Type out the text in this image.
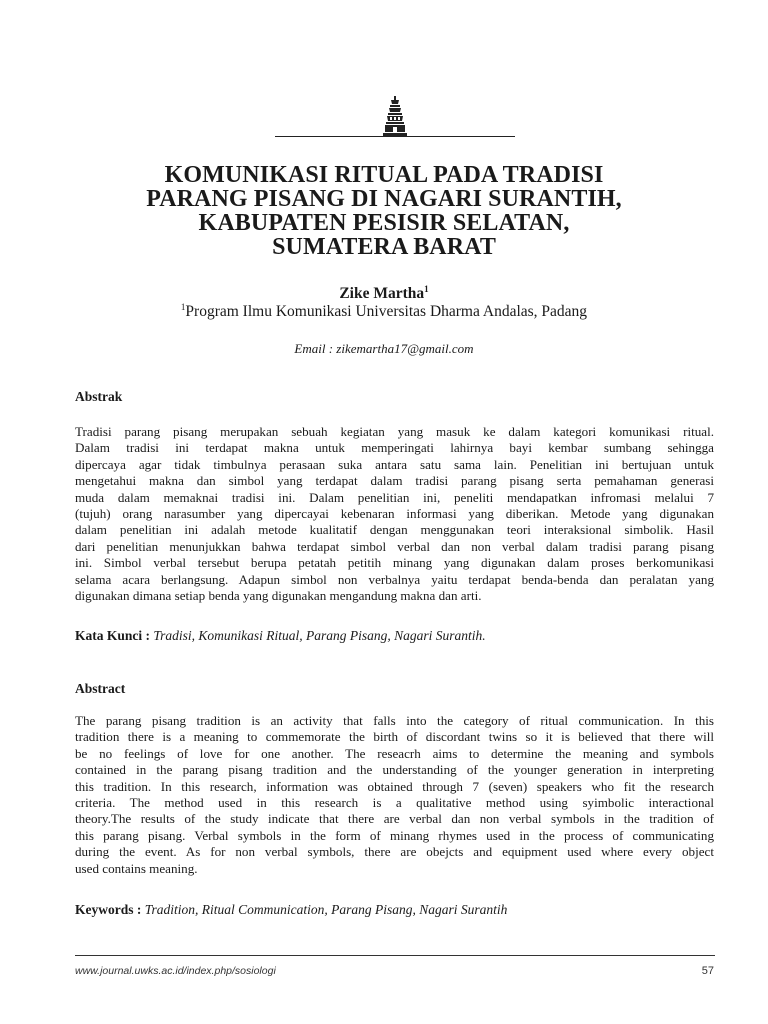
KOMUNIKASI RITUAL PADA TRADISI
PARANG PISANG DI NAGARI SURANTIH,
KABUPATEN PESISIR SELATAN,
SUMATERA BARAT
Zike Martha$^1$
$^1$Program Ilmu Komunikasi Universitas Dharma Andalas, Padang
Email : zikemartha17@gmail.com
Abstrak

Tradisi parang pisang merupakan sebuah kegiatan yang masuk ke dalam kategori komunikasi ritual.
Dalam tradisi ini terdapat makna untuk memperingati lahirnya bayi kembar sumbang sehingga
dipercaya agar tidak timbulnya perasaan suka antara satu sama lain. Penelitian ini bertujuan untuk
mengetahui makna dan simbol yang terdapat dalam tradisi parang pisang serta pemahaman generasi
muda dalam memaknai tradisi ini. Dalam penelitian ini, peneliti mendapatkan infromasi melalui 7
(tujuh) orang narasumber yang dipercayai kebenaran informasi yang diberikan. Metode yang digunakan
dalam penelitian ini adalah metode kualitatif dengan menggunakan teori interaksional simbolik. Hasil
dari penelitian menunjukkan bahwa terdapat simbol verbal dan non verbal dalam tradisi parang pisang
ini. Simbol verbal tersebut berupa petatah petitih minang yang digunakan dalam proses berkomunikasi
selama acara berlangsung. Adapun simbol non verbalnya yaitu terdapat benda-benda dan peralatan yang
digunakan dimana setiap benda yang digunakan mengandung makna dan arti.

Kata Kunci : Tradisi, Komunikasi Ritual, Parang Pisang, Nagari Surantih.
Abstract

The parang pisang tradition is an activity that falls into the category of ritual communication. In this
tradition there is a meaning to commemorate the birth of discordant twins so it is believed that there will
be no feelings of love for one another. The reseacrh aims to determine the meaning and symbols
contained in the parang pisang tradition and the understanding of the younger generation in interpreting
this tradition. In this research, information was obtained through 7 (seven) speakers who fit the research
criteria. The method used in this research is a qualitative method using syimbolic interactional
theory.The results of the study indicate that there are verbal dan non verbal symbols in the tradition of
this parang pisang. Verbal symbols in the form of minang rhymes used in the process of communicating
during the event. As for non verbal symbols, there are obejcts and equipment used where every object
used contains meaning.

Keywords : Tradition, Ritual Communication, Parang Pisang, Nagari Surantih
www.journal.uwks.ac.id/index.php/sosiologi	57
